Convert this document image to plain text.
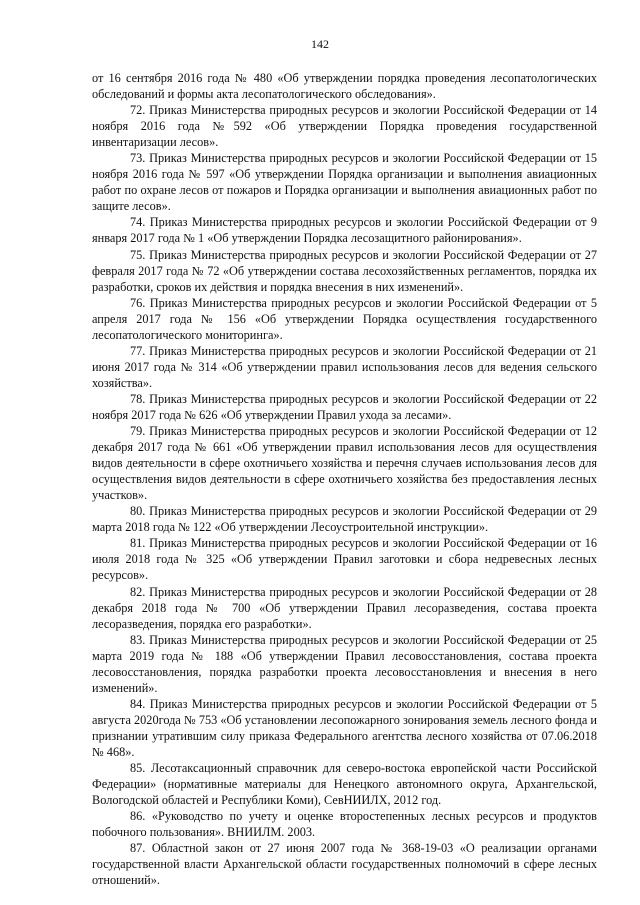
142

от 16 сентября 2016 года № 480 «Об утверждении порядка проведения лесопатологических обследований и формы акта лесопатологического обследования».

72. Приказ Министерства природных ресурсов и экологии Российской Федерации от 14 ноября 2016 года №592 «Об утверждении Порядка проведения государственной инвентаризации лесов».

73. Приказ Министерства природных ресурсов и экологии Российской Федерации от 15 ноября 2016 года № 597 «Об утверждении Порядка организации и выполнения авиационных работ по охране лесов от пожаров и Порядка организации и выполнения авиационных работ по защите лесов».

74. Приказ Министерства природных ресурсов и экологии Российской Федерации от 9 января 2017 года № 1 «Об утверждении Порядка лесозащитного районирования».

75. Приказ Министерства природных ресурсов и экологии Российской Федерации от 27 февраля 2017 года № 72 «Об утверждении состава лесохозяйственных регламентов, порядка их разработки, сроков их действия и порядка внесения в них изменений».

76. Приказ Министерства природных ресурсов и экологии Российской Федерации от 5 апреля 2017 года № 156 «Об утверждении Порядка осуществления государственного лесопатологического мониторинга».

77. Приказ Министерства природных ресурсов и экологии Российской Федерации от 21 июня 2017 года № 314 «Об утверждении правил использования лесов для ведения сельского хозяйства».

78. Приказ Министерства природных ресурсов и экологии Российской Федерации от 22 ноября 2017 года № 626 «Об утверждении Правил ухода за лесами».

79. Приказ Министерства природных ресурсов и экологии Российской Федерации от 12 декабря 2017 года № 661 «Об утверждении правил использования лесов для осуществления видов деятельности в сфере охотничьего хозяйства и перечня случаев использования лесов для осуществления видов деятельности в сфере охотничьего хозяйства без предоставления лесных участков».

80. Приказ Министерства природных ресурсов и экологии Российской Федерации от 29 марта 2018 года № 122 «Об утверждении Лесоустроительной инструкции».

81. Приказ Министерства природных ресурсов и экологии Российской Федерации от 16 июля 2018 года № 325 «Об утверждении Правил заготовки и сбора недревесных лесных ресурсов».

82. Приказ Министерства природных ресурсов и экологии Российской Федерации от 28 декабря 2018 года № 700 «Об утверждении Правил лесоразведения, состава проекта лесоразведения, порядка его разработки».

83. Приказ Министерства природных ресурсов и экологии Российской Федерации от 25 марта 2019 года № 188 «Об утверждении Правил лесовосстановления, состава проекта лесовосстановления, порядка разработки проекта лесовосстановления и внесения в него изменений».

84. Приказ Министерства природных ресурсов и экологии Российской Федерации от 5 августа 2020года № 753 «Об установлении лесопожарного зонирования земель лесного фонда и признании утратившим силу приказа Федерального агентства лесного хозяйства от 07.06.2018 № 468».

85. Лесотаксационный справочник для северо-востока европейской части Российской Федерации» (нормативные материалы для Ненецкого автономного округа, Архангельской, Вологодской областей и Республики Коми), СевНИИЛХ, 2012 год.

86. «Руководство по учету и оценке второстепенных лесных ресурсов и продуктов побочного пользования». ВНИИЛМ. 2003.

87. Областной закон от 27 июня 2007 года № 368-19-03 «О реализации органами государственной власти Архангельской области государственных полномочий в сфере лесных отношений».
